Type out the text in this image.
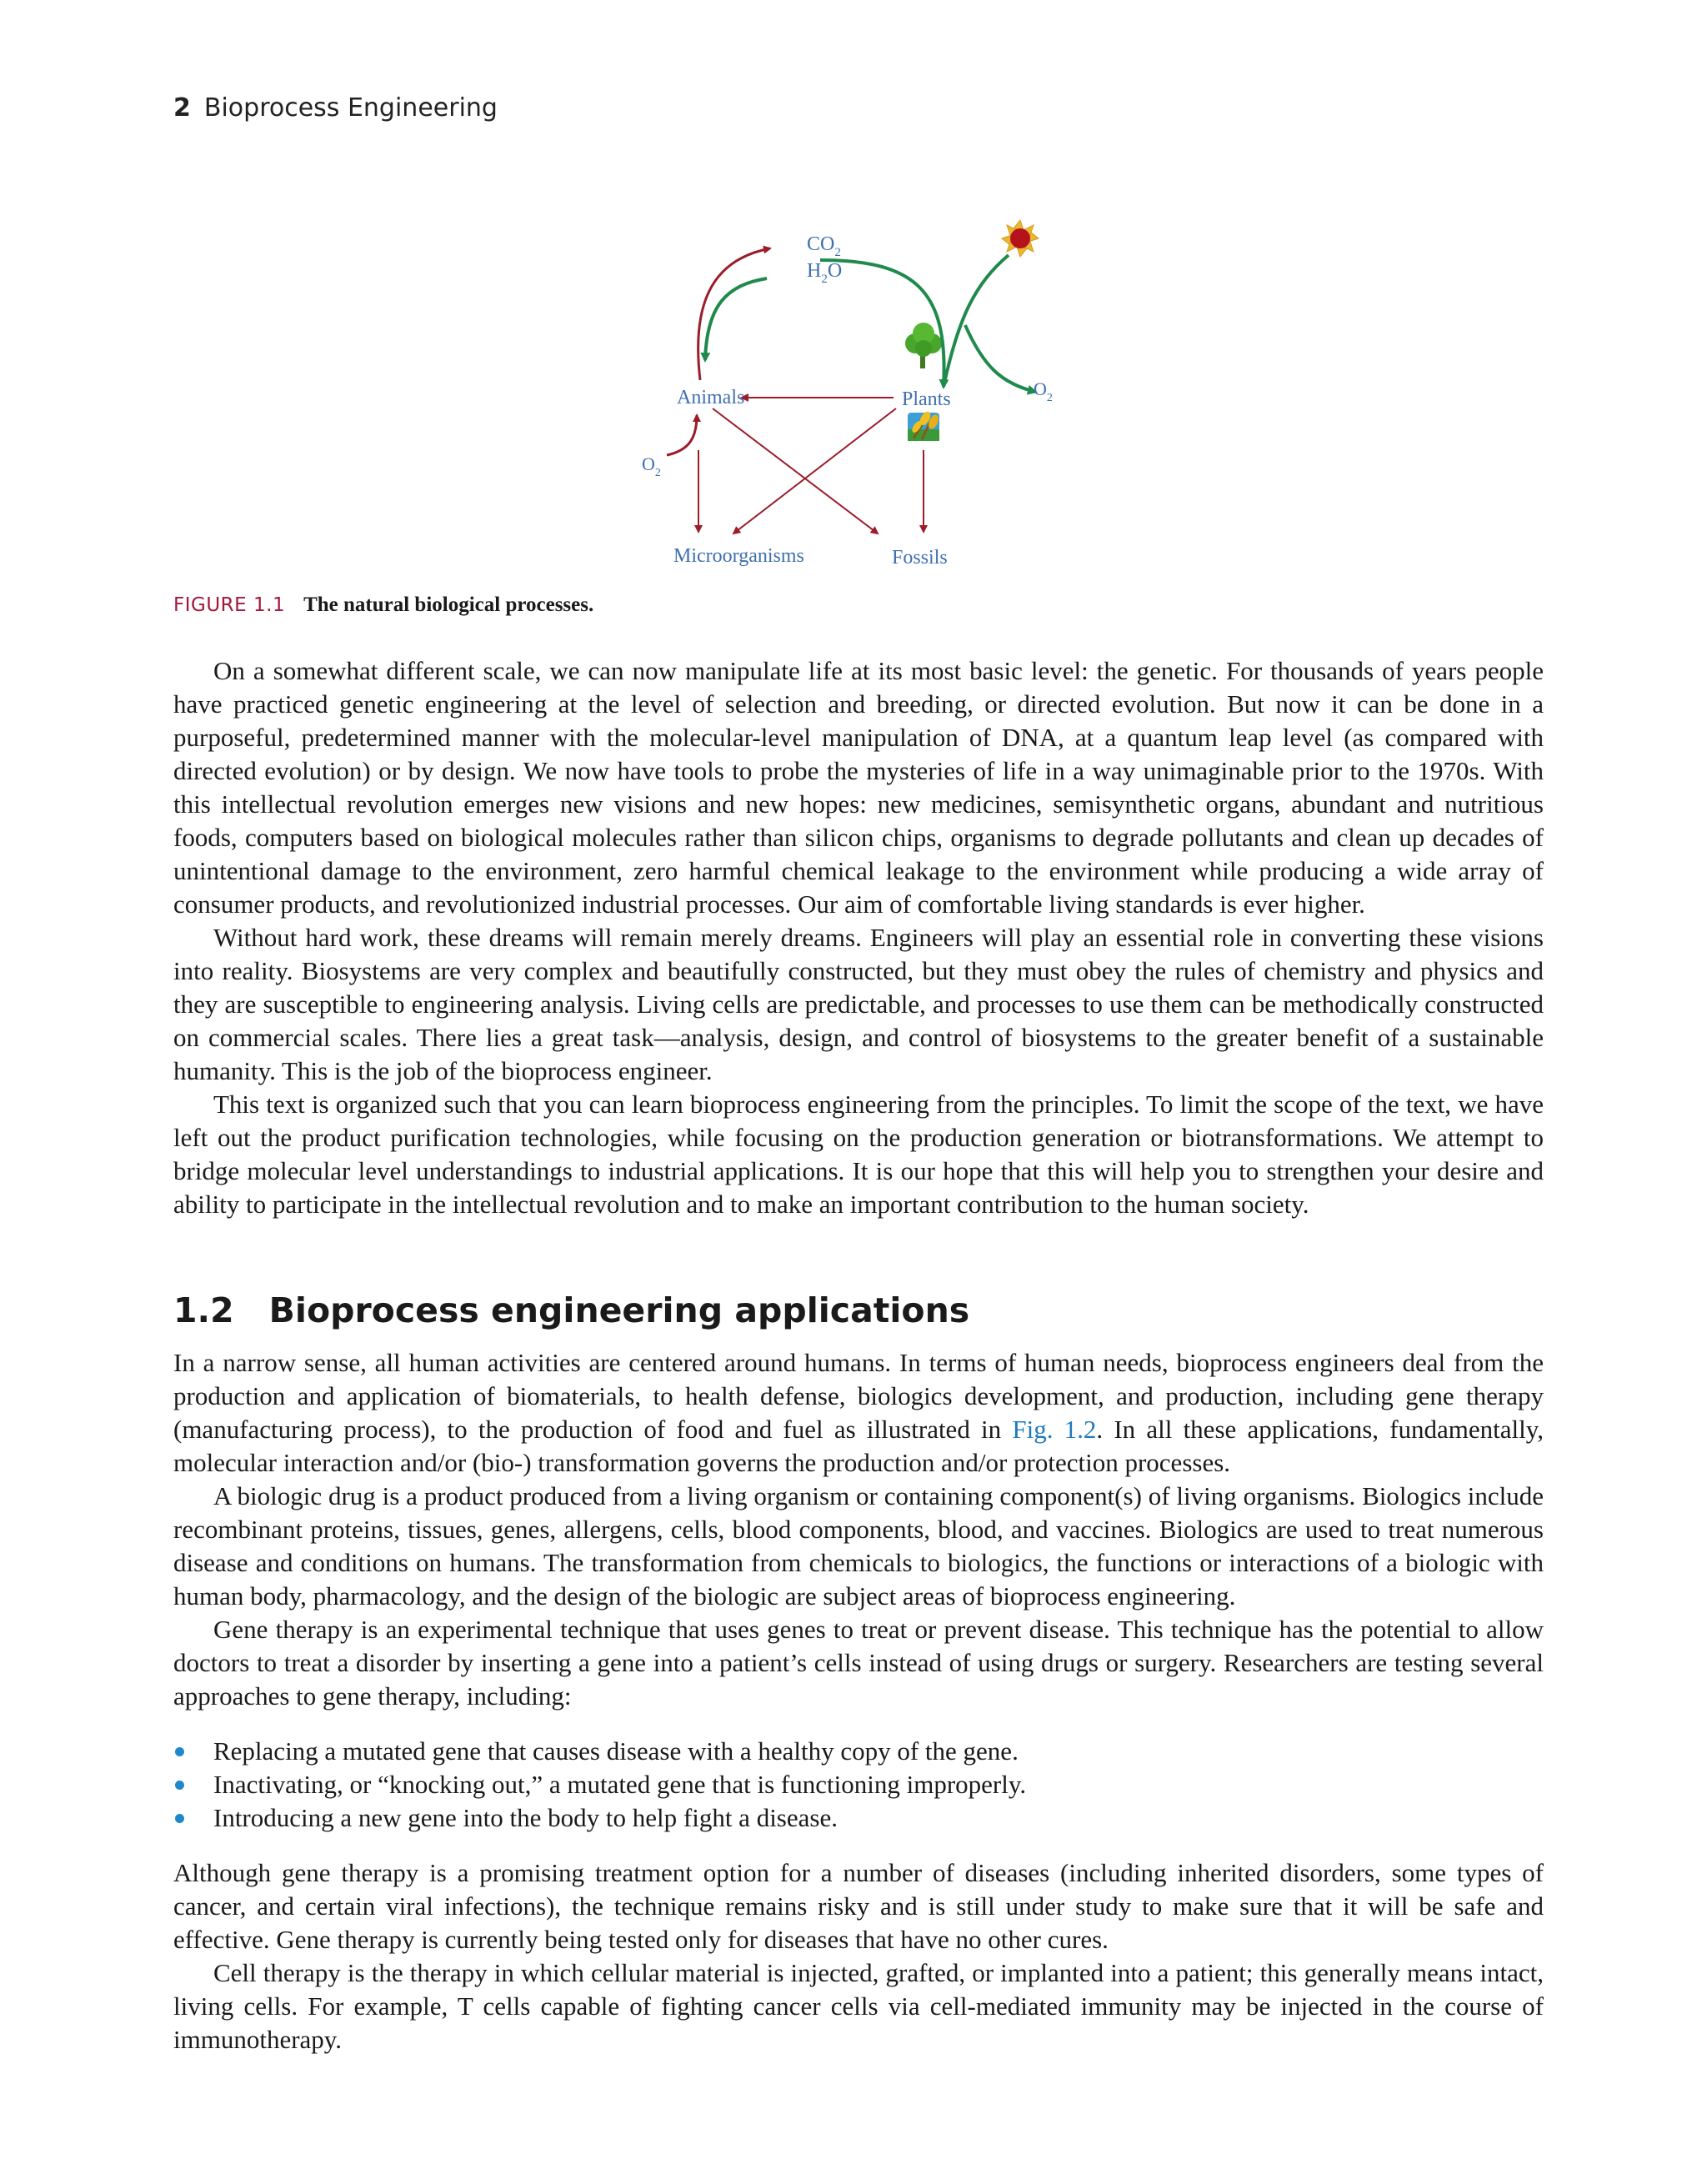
2 Bioprocess Engineering
$CO_2$
$H_2O$
Animals	Plants
Microorganisms	Fossils
$O_2$
$O_2$
FIGURE 1.1 The natural biological processes.

On a somewhat different scale, we can now manipulate life at its most basic level: the genetic. For thousands of years people have practiced genetic engineering at the level of selection and breeding, or directed evolution. But now it can be done in a purposeful, predetermined manner with the molecular-level manipulation of DNA, at a quantum leap level (as compared with directed evolution) or by design. We now have tools to probe the mysteries of life in a way unimaginable prior to the 1970s. With this intellectual revolution emerges new visions and new hopes: new medicines, semisynthetic organs, abundant and nutritious foods, computers based on biological molecules rather than silicon chips, organisms to degrade pollutants and clean up decades of unintentional damage to the environment, zero harmful chemical leakage to the environment while producing a wide array of consumer products, and revolutionized industrial processes. Our aim of comfortable living standards is ever higher.

Without hard work, these dreams will remain merely dreams. Engineers will play an essential role in converting these visions into reality. Biosystems are very complex and beautifully constructed, but they must obey the rules of chemistry and physics and they are susceptible to engineering analysis. Living cells are predictable, and processes to use them can be methodically constructed on commercial scales. There lies a great task—analysis, design, and control of biosystems to the greater benefit of a sustainable humanity. This is the job of the bioprocess engineer.

This text is organized such that you can learn bioprocess engineering from the principles. To limit the scope of the text, we have left out the product purification technologies, while focusing on the production generation or biotransformations. We attempt to bridge molecular level understandings to industrial applications. It is our hope that this will help you to strengthen your desire and ability to participate in the intellectual revolution and to make an important contribution to the human society.

1.2 Bioprocess engineering applications

In a narrow sense, all human activities are centered around humans. In terms of human needs, bioprocess engineers deal from the production and application of biomaterials, to health defense, biologics development, and production, including gene therapy (manufacturing process), to the production of food and fuel as illustrated in Fig. 1.2. In all these applications, fundamentally, molecular interaction and/or (bio-) transformation governs the production and/or protection processes.

A biologic drug is a product produced from a living organism or containing component(s) of living organisms. Biologics include recombinant proteins, tissues, genes, allergens, cells, blood components, blood, and vaccines. Biologics are used to treat numerous disease and conditions on humans. The transformation from chemicals to biologics, the functions or interactions of a biologic with human body, pharmacology, and the design of the biologic are subject areas of bioprocess engineering.

Gene therapy is an experimental technique that uses genes to treat or prevent disease. This technique has the potential to allow doctors to treat a disorder by inserting a gene into a patient’s cells instead of using drugs or surgery. Researchers are testing several approaches to gene therapy, including:

Replacing a mutated gene that causes disease with a healthy copy of the gene.
Inactivating, or “knocking out,” a mutated gene that is functioning improperly.
Introducing a new gene into the body to help fight a disease.

Although gene therapy is a promising treatment option for a number of diseases (including inherited disorders, some types of cancer, and certain viral infections), the technique remains risky and is still under study to make sure that it will be safe and effective. Gene therapy is currently being tested only for diseases that have no other cures.

Cell therapy is the therapy in which cellular material is injected, grafted, or implanted into a patient; this generally means intact, living cells. For example, T cells capable of fighting cancer cells via cell-mediated immunity may be injected in the course of immunotherapy.
